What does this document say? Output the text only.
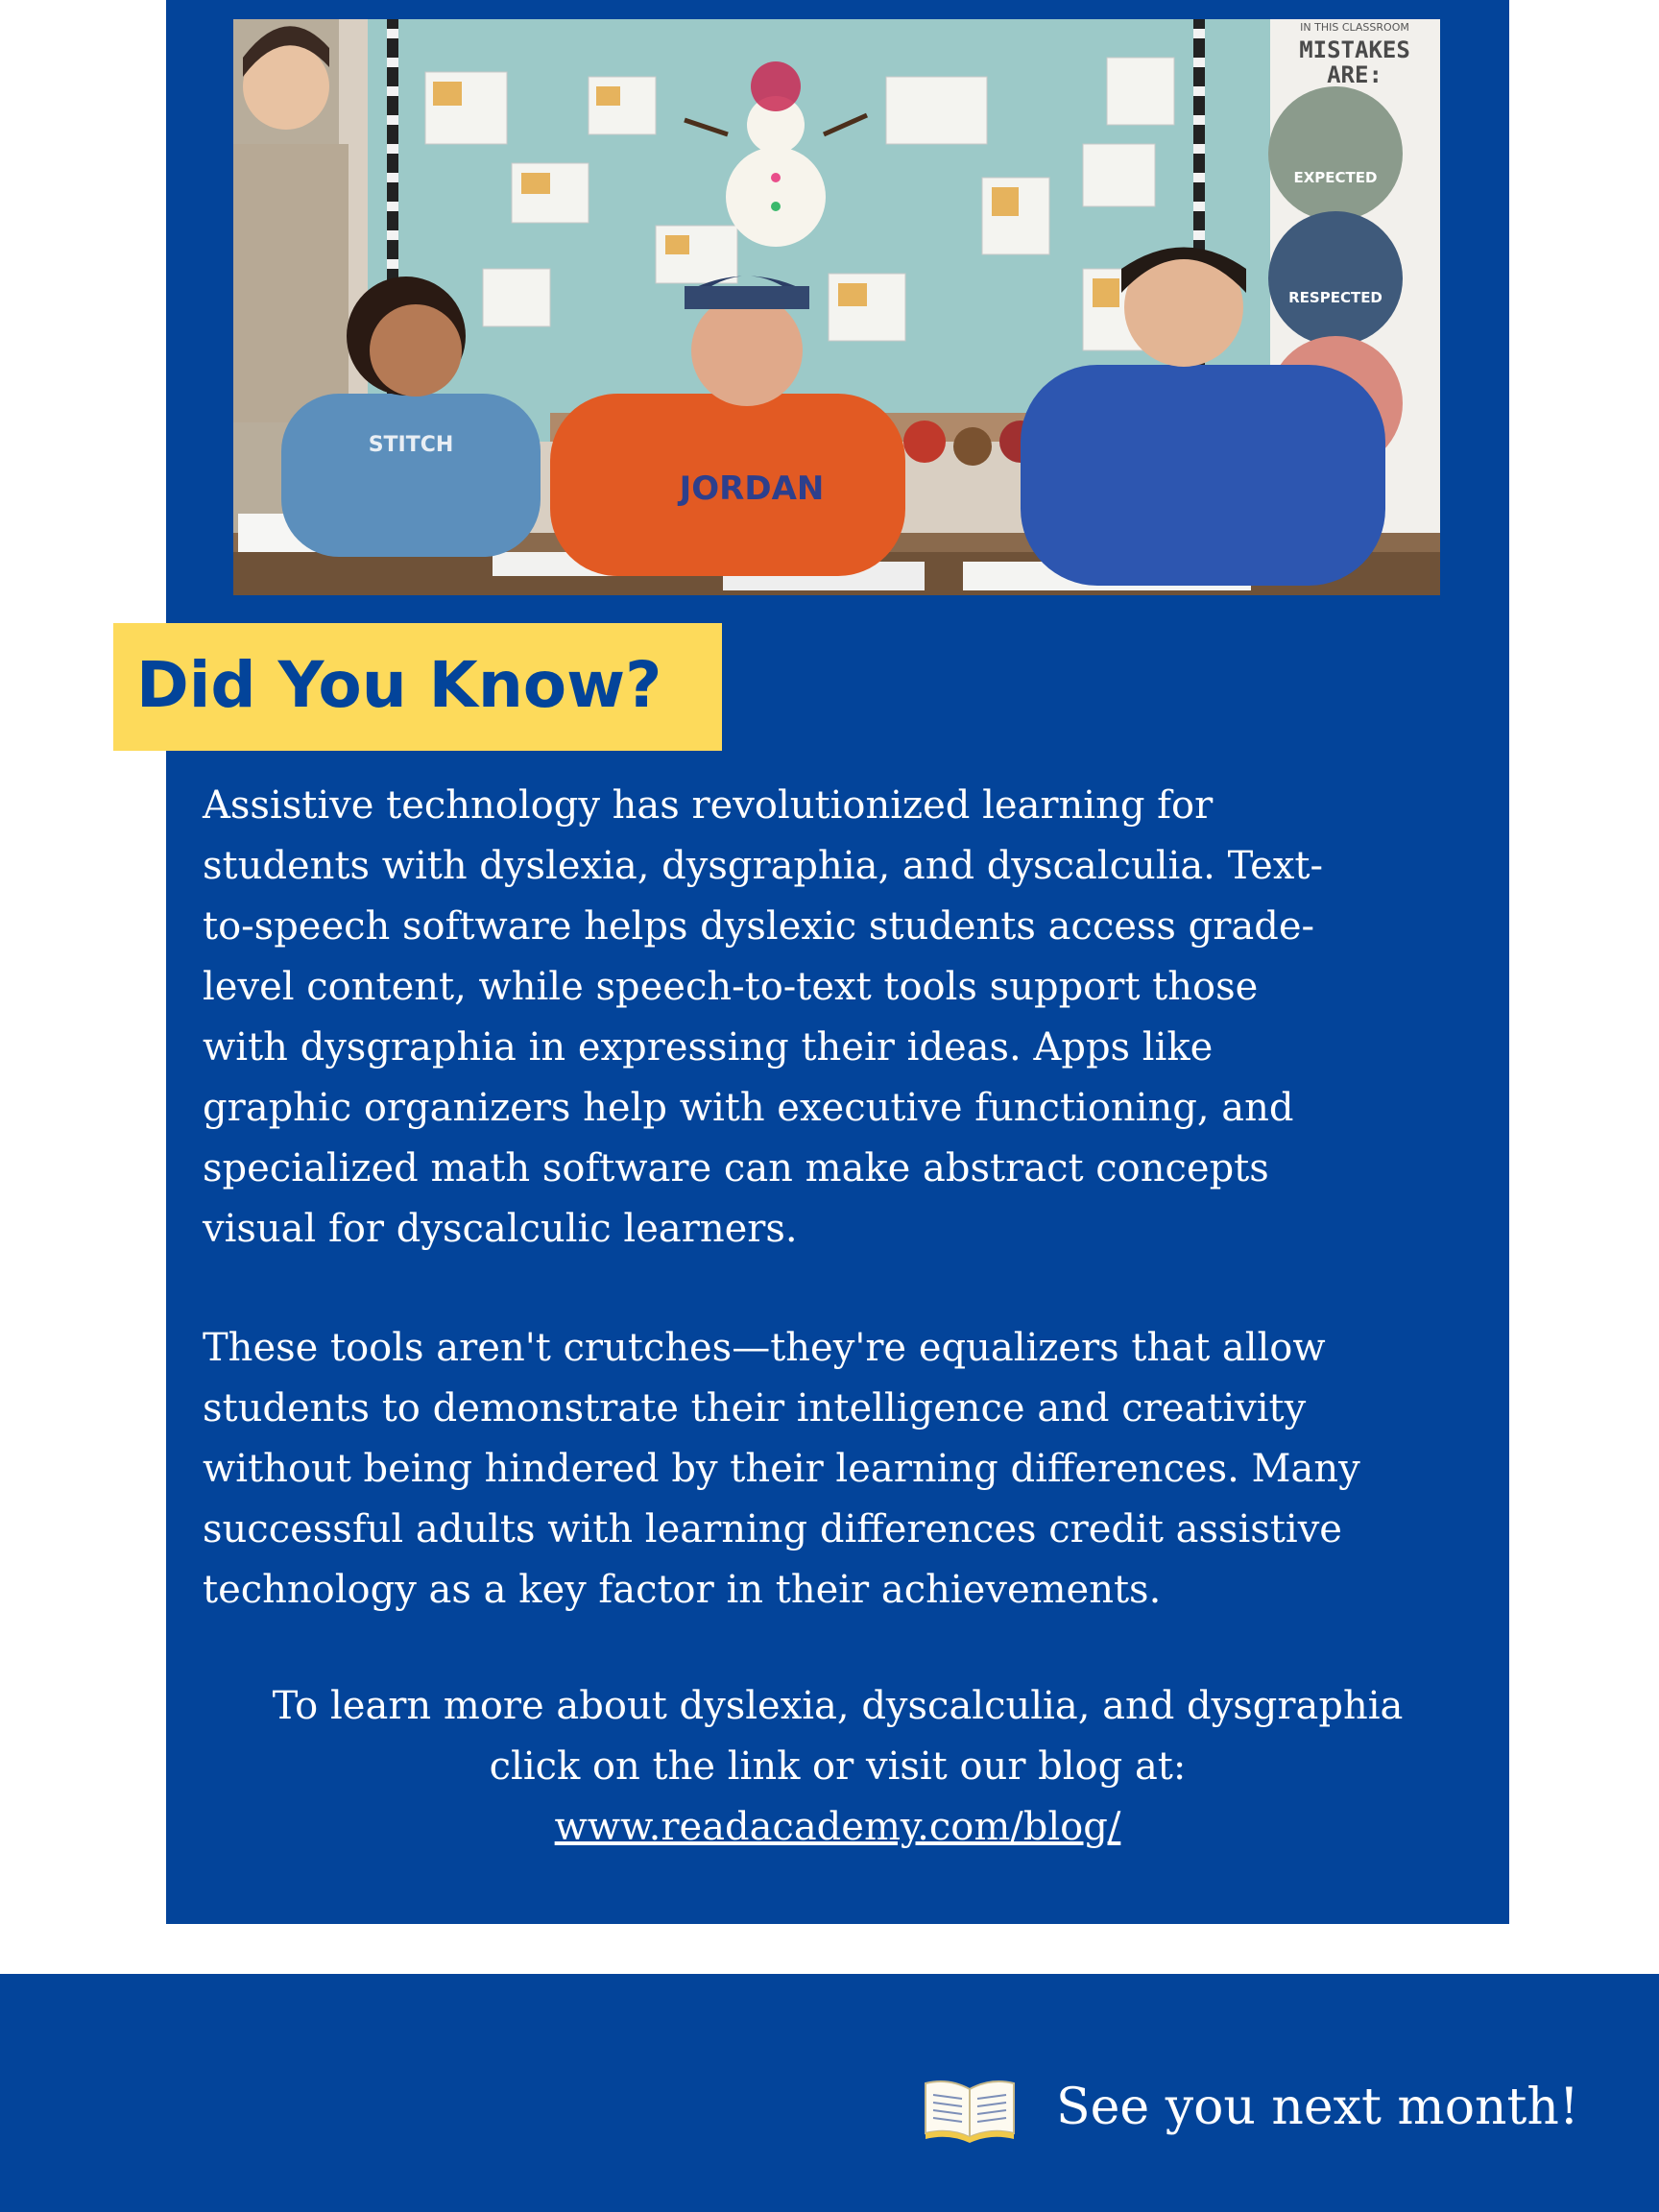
IN THIS CLASSROOM
MISTAKES
ARE:
EXPECTED
RESPECTED
STITCH
JORDAN
Did You Know?

Assistive technology has revolutionized learning for
students with dyslexia, dysgraphia, and dyscalculia. Text-
to-speech software helps dyslexic students access grade-
level content, while speech-to-text tools support those
with dysgraphia in expressing their ideas. Apps like
graphic organizers help with executive functioning, and
specialized math software can make abstract concepts
visual for dyscalculic learners.

These tools aren't crutches—they're equalizers that allow
students to demonstrate their intelligence and creativity
without being hindered by their learning differences. Many
successful adults with learning differences credit assistive
technology as a key factor in their achievements.

To learn more about dyslexia, dyscalculia, and dysgraphia
click on the link or visit our blog at:
www.readacademy.com/blog/
See you next month!
